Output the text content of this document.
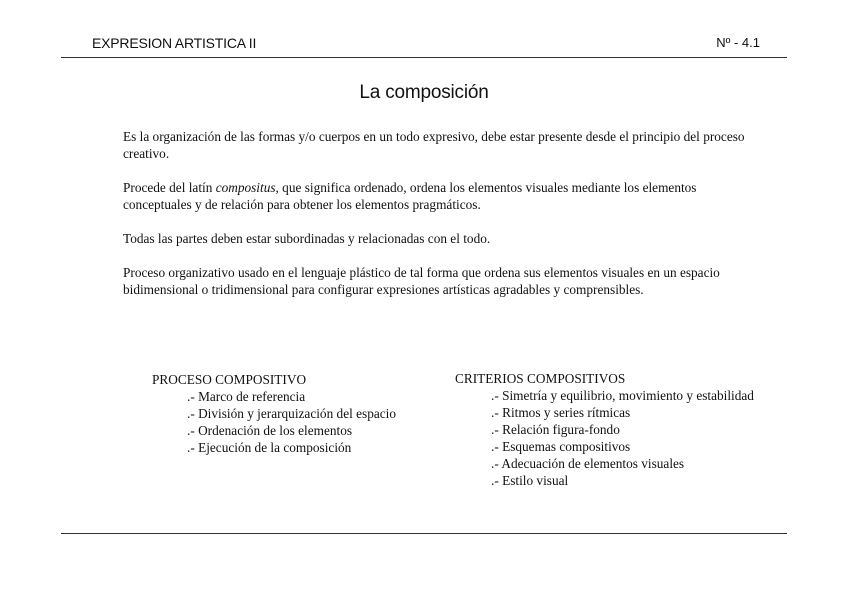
EXPRESION ARTISTICA II	Nº - 4.1
La composición

Es la organización de las formas y/o cuerpos en un todo expresivo, debe estar presente desde el principio del proceso creativo.

Procede del latín compositus, que significa ordenado, ordena los elementos visuales mediante los elementos conceptuales y de relación para obtener los elementos pragmáticos.

Todas las partes deben estar subordinadas y relacionadas con el todo.

Proceso organizativo usado en el lenguaje plástico de tal forma que ordena sus elementos visuales en un espacio bidimensional o tridimensional para configurar expresiones artísticas agradables y comprensibles.

PROCESO COMPOSITIVO
.- Marco de referencia
.- División y jerarquización del espacio
.- Ordenación de los elementos
.- Ejecución de la composición
CRITERIOS COMPOSITIVOS
.- Simetría y equilibrio, movimiento y estabilidad
.- Ritmos y series rítmicas
.- Relación figura-fondo
.- Esquemas compositivos
.- Adecuación de elementos visuales
.- Estilo visual
